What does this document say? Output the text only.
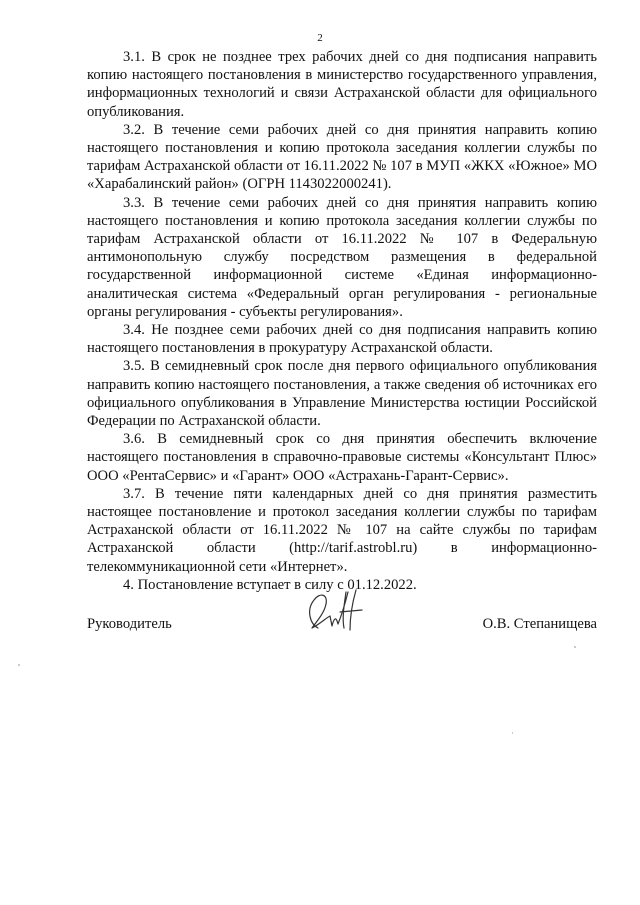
2

3.1. В срок не позднее трех рабочих дней со дня подписания направить копию настоящего постановления в министерство государственного управления, информационных технологий и связи Астраханской области для официального опубликования.

3.2. В течение семи рабочих дней со дня принятия направить копию настоящего постановления и копию протокола заседания коллегии службы по тарифам Астраханской области от 16.11.2022 № 107 в МУП «ЖКХ «Южное» МО «Харабалинский район» (ОГРН 1143022000241).

3.3. В течение семи рабочих дней со дня принятия направить копию настоящего постановления и копию протокола заседания коллегии службы по тарифам Астраханской области от 16.11.2022 № 107 в Федеральную антимонопольную службу посредством размещения в федеральной государственной информационной системе «Единая информационно-аналитическая система «Федеральный орган регулирования - региональные органы регулирования - субъекты регулирования».

3.4. Не позднее семи рабочих дней со дня подписания направить копию настоящего постановления в прокуратуру Астраханской области.

3.5. В семидневный срок после дня первого официального опубликования направить копию настоящего постановления, а также сведения об источниках его официального опубликования в Управление Министерства юстиции Российской Федерации по Астраханской области.

3.6. В семидневный срок со дня принятия обеспечить включение настоящего постановления в справочно-правовые системы «Консультант Плюс» ООО «РентаСервис» и «Гарант» ООО «Астрахань-Гарант-Сервис».

3.7. В течение пяти календарных дней со дня принятия разместить настоящее постановление и протокол заседания коллегии службы по тарифам Астраханской области от 16.11.2022 № 107 на сайте службы по тарифам Астраханской области (http://tarif.astrobl.ru) в информационно-телекоммуникационной сети «Интернет».

4. Постановление вступает в силу с 01.12.2022.

Руководитель	О.В. Степанищева
